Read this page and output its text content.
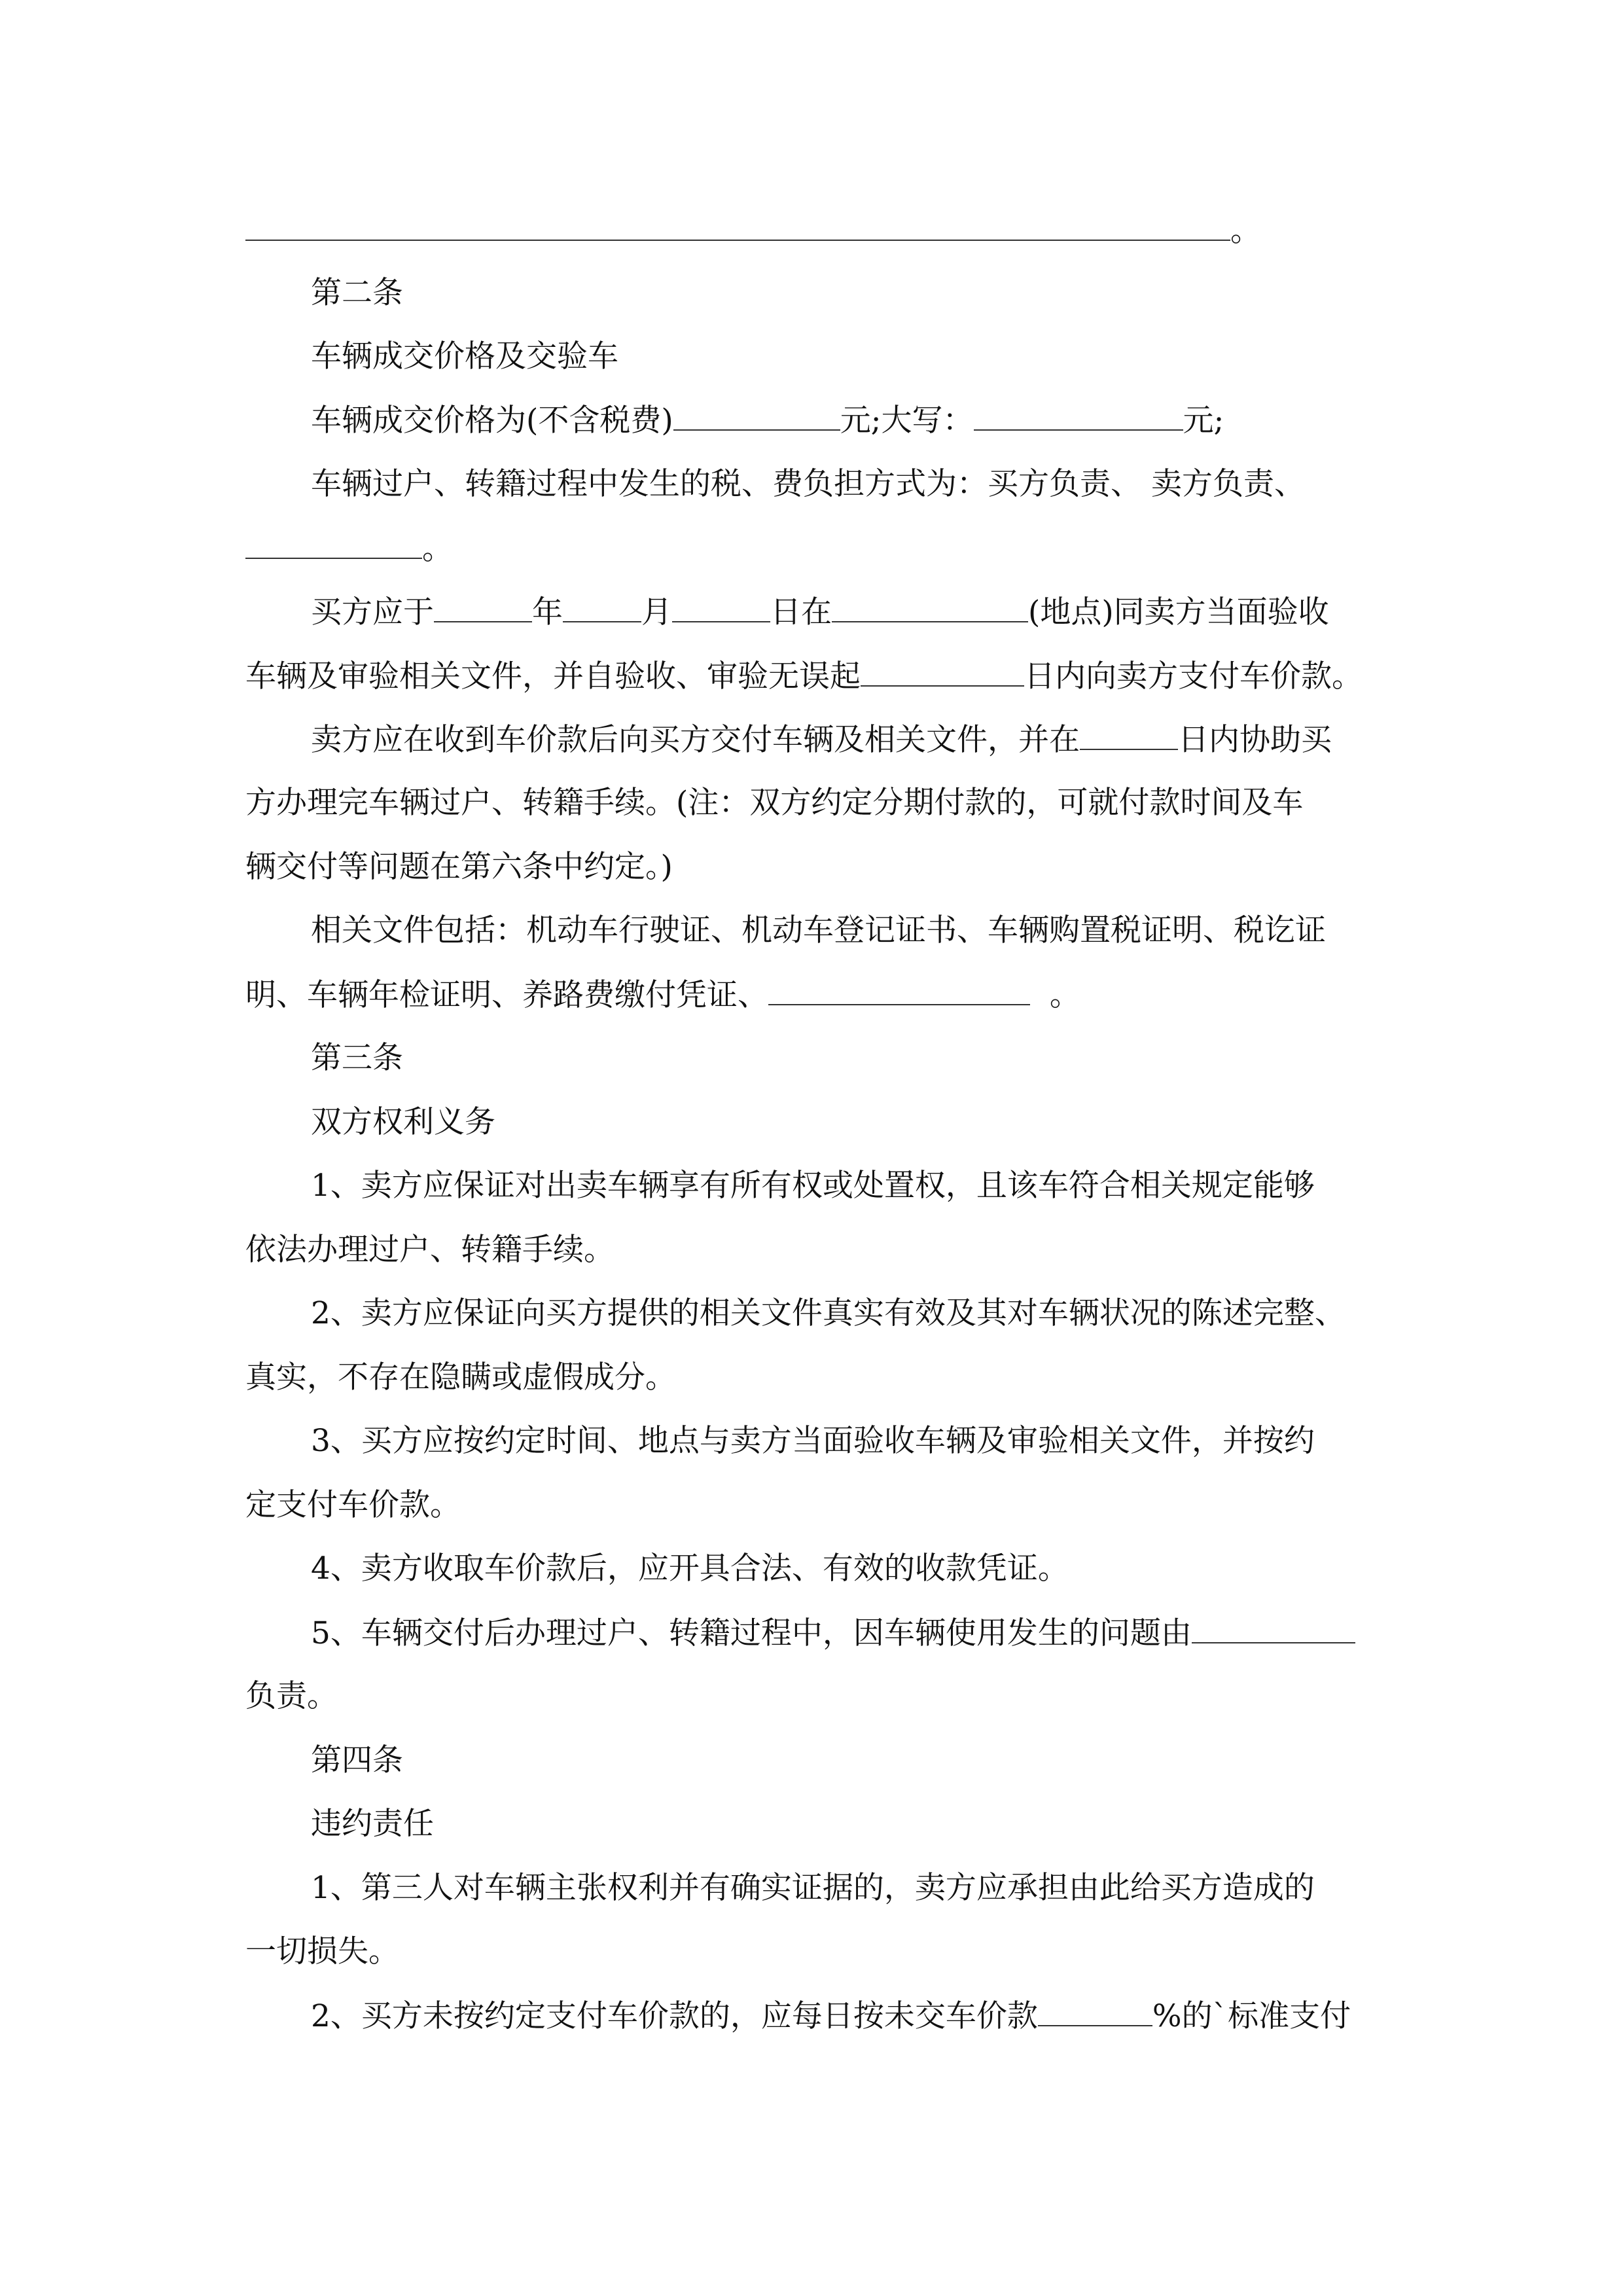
。

第二条

车辆成交价格及交验车

车辆成交价格为(不含税费)	元;大写：	元;

车辆过户、转籍过程中发生的税、费负担方式为：买方负责、 卖方负责、

。

买方应于	年	月	日在	(地点)同卖方当面验收

车辆及审验相关文件，并自验收、审验无误起	日内向卖方支付车价款。

卖方应在收到车价款后向买方交付车辆及相关文件，并在	日内协助买

方办理完车辆过户、转籍手续。(注：双方约定分期付款的，可就付款时间及车

辆交付等问题在第六条中约定。)

相关文件包括：机动车行驶证、机动车登记证书、车辆购置税证明、税讫证

明、车辆年检证明、养路费缴付凭证、	。

第三条

双方权利义务

1、卖方应保证对出卖车辆享有所有权或处置权，且该车符合相关规定能够

依法办理过户、转籍手续。

2、卖方应保证向买方提供的相关文件真实有效及其对车辆状况的陈述完整、

真实，不存在隐瞒或虚假成分。

3、买方应按约定时间、地点与卖方当面验收车辆及审验相关文件，并按约

定支付车价款。

4、卖方收取车价款后，应开具合法、有效的收款凭证。

5、车辆交付后办理过户、转籍过程中，因车辆使用发生的问题由

负责。

第四条

违约责任

1、第三人对车辆主张权利并有确实证据的，卖方应承担由此给买方造成的

一切损失。

2、买方未按约定支付车价款的，应每日按未交车价款	%的`标准支付
